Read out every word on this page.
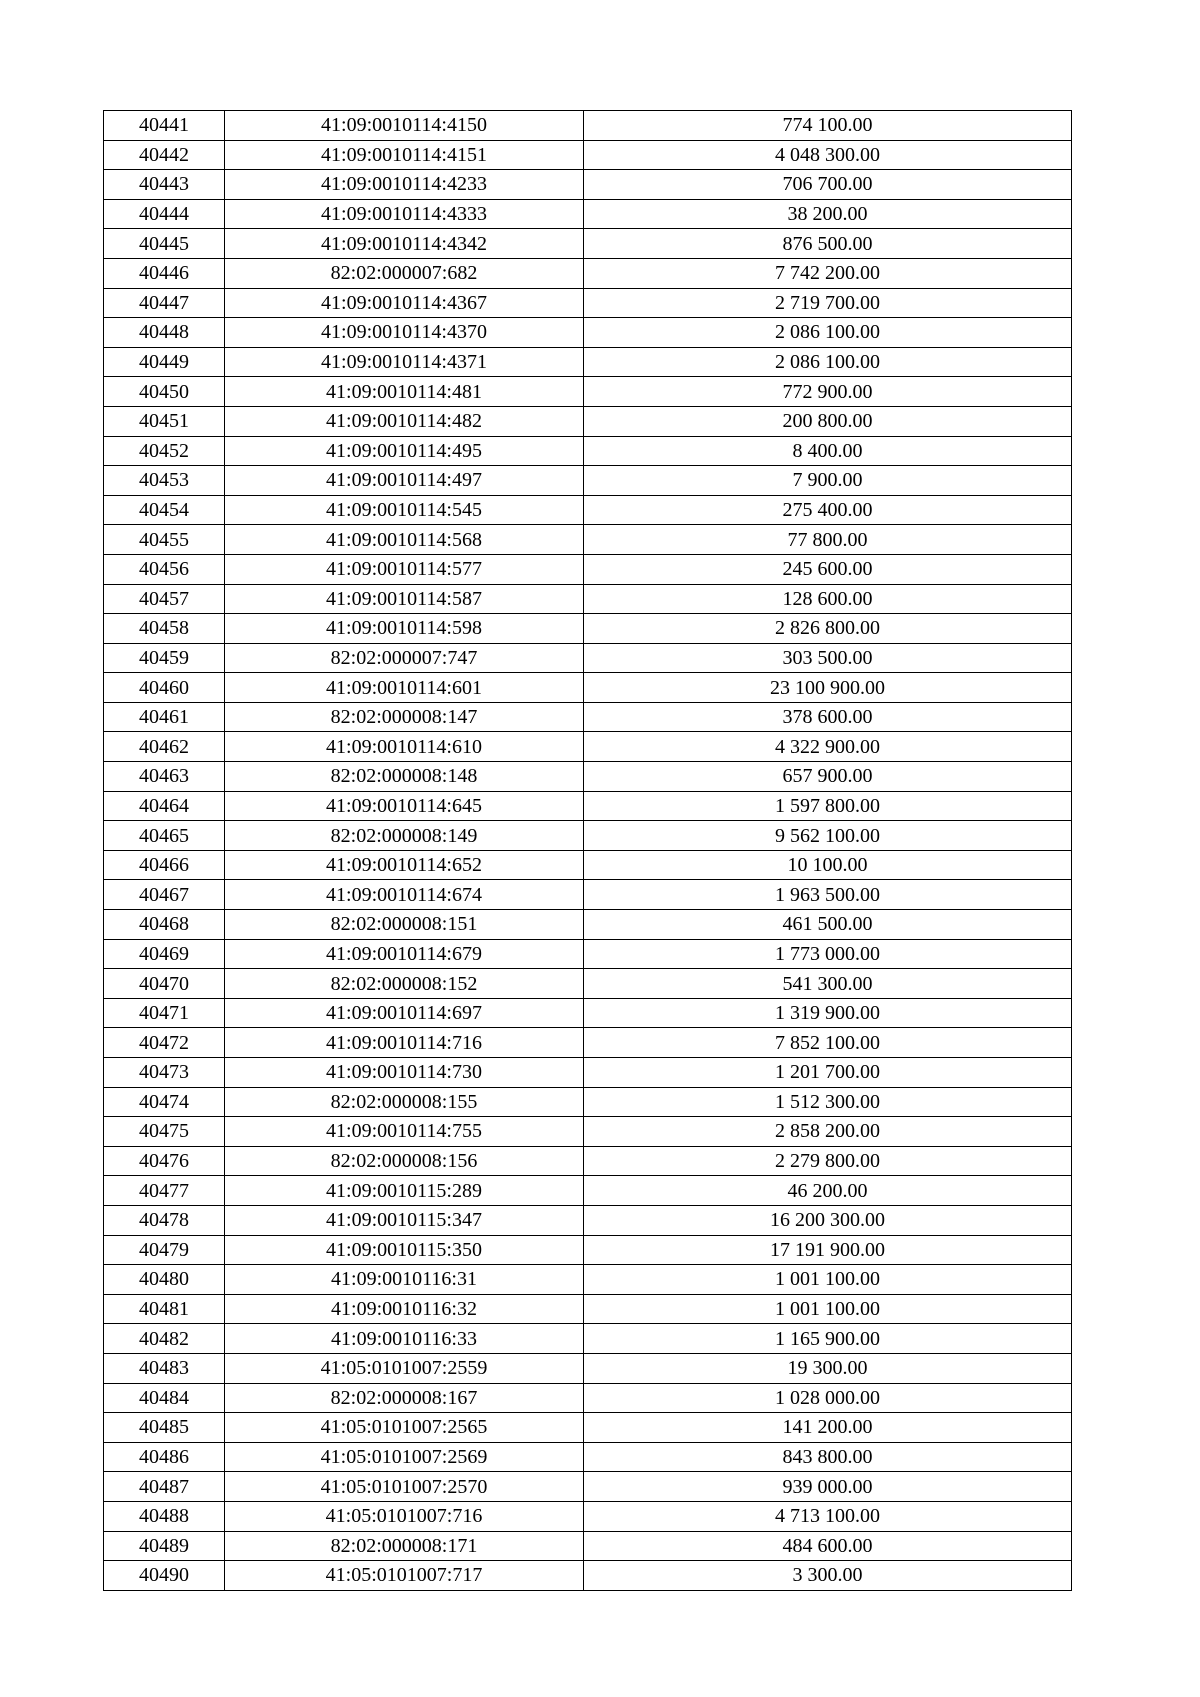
40441	41:09:0010114:4150	774 100.00
40442	41:09:0010114:4151	4 048 300.00
40443	41:09:0010114:4233	706 700.00
40444	41:09:0010114:4333	38 200.00
40445	41:09:0010114:4342	876 500.00
40446	82:02:000007:682	7 742 200.00
40447	41:09:0010114:4367	2 719 700.00
40448	41:09:0010114:4370	2 086 100.00
40449	41:09:0010114:4371	2 086 100.00
40450	41:09:0010114:481	772 900.00
40451	41:09:0010114:482	200 800.00
40452	41:09:0010114:495	8 400.00
40453	41:09:0010114:497	7 900.00
40454	41:09:0010114:545	275 400.00
40455	41:09:0010114:568	77 800.00
40456	41:09:0010114:577	245 600.00
40457	41:09:0010114:587	128 600.00
40458	41:09:0010114:598	2 826 800.00
40459	82:02:000007:747	303 500.00
40460	41:09:0010114:601	23 100 900.00
40461	82:02:000008:147	378 600.00
40462	41:09:0010114:610	4 322 900.00
40463	82:02:000008:148	657 900.00
40464	41:09:0010114:645	1 597 800.00
40465	82:02:000008:149	9 562 100.00
40466	41:09:0010114:652	10 100.00
40467	41:09:0010114:674	1 963 500.00
40468	82:02:000008:151	461 500.00
40469	41:09:0010114:679	1 773 000.00
40470	82:02:000008:152	541 300.00
40471	41:09:0010114:697	1 319 900.00
40472	41:09:0010114:716	7 852 100.00
40473	41:09:0010114:730	1 201 700.00
40474	82:02:000008:155	1 512 300.00
40475	41:09:0010114:755	2 858 200.00
40476	82:02:000008:156	2 279 800.00
40477	41:09:0010115:289	46 200.00
40478	41:09:0010115:347	16 200 300.00
40479	41:09:0010115:350	17 191 900.00
40480	41:09:0010116:31	1 001 100.00
40481	41:09:0010116:32	1 001 100.00
40482	41:09:0010116:33	1 165 900.00
40483	41:05:0101007:2559	19 300.00
40484	82:02:000008:167	1 028 000.00
40485	41:05:0101007:2565	141 200.00
40486	41:05:0101007:2569	843 800.00
40487	41:05:0101007:2570	939 000.00
40488	41:05:0101007:716	4 713 100.00
40489	82:02:000008:171	484 600.00
40490	41:05:0101007:717	3 300.00
